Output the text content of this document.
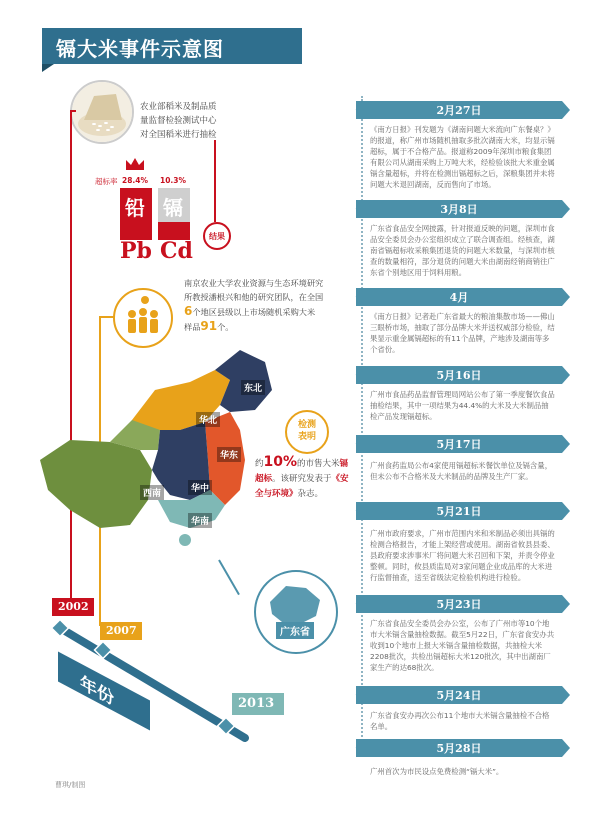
镉大米事件示意图
农业部稻米及制品质
量监督检验测试中心
对全国稻米进行抽检
结果
超标率 28.4% 10.3%
铅 镉
Pb Cd
南京农业大学农业资源与生态环境研究
所教授潘根兴和他的研究团队，在全国
6个地区县级以上市场随机采购大米
样品91个。
东北
华北
华东
西南	华中
华南
检测表明
约10%的市售大米镉超标。该研究发表于《安全与环境》杂志。
广东省
2002
2007
2013
年份
曹琪/制图
2月27日
《南方日报》刊发题为《湖南问题大米流向广东餐桌？》的报道，称广州市场随机抽取多批次湖南大米，均显示镉超标，属于不合格产品。报道称2009年深圳市粮食集团有限公司从湖南采购上万吨大米，经检验该批大米重金属镉含量超标，并将在检测出镉超标之后，深粮集团并未将问题大米退回湖南，反而售向了市场。
3月8日
广东省食品安全网披露，针对报道反映的问题，深圳市食品安全委员会办公室组织成立了联合调查组。经核查，湖南省镉超标收采粮集团退货的问题大米数量，与深圳市核查的数量相符，部分退货的问题大米由湖南经销商销往广东省个别地区用于饲料用粮。
4月
《南方日报》记者赴广东省最大的粮油集散市场——佛山三眼桥市场，抽取了部分品牌大米并送权威部分检验，结果显示重金属镉超标的有11个品牌，产地涉及湖南等多个省份。
5月16日
广州市食品药品监督管理局网站公布了第一季度餐饮食品抽检结果，其中一项结果为44.4%的大米及大米制品抽检产品发现镉超标。
5月17日
广州食药监局公布4家使用镉超标米餐饮单位及镉含量，但未公布不合格米及大米制品的品牌及生产厂家。
5月21日
广州市政府要求，广州市范围内米和米制品必须出具镉的检测合格报告，才能上架经营或使用。湖南省攸县县委、县政府要求涉事米厂将问题大米召回和下架，并责令停业整顿。同时，攸县质监局对3家问题企业成品库的大米进行监督抽查，送至省级法定检验机构进行检验。
5月23日
广东省食品安全委员会办公室，公布了广州市等10个地市大米镉含量抽检数据。截至5月22日，广东省食安办共收到10个地市上报大米镉含量抽检数据，共抽检大米2208批次，共检出镉超标大米120批次，其中出湖南厂家生产的达68批次。
5月24日
广东省食安办再次公布11个地市大米镉含量抽检不合格名单。
5月28日
广州首次为市民设点免费检测“镉大米”。
